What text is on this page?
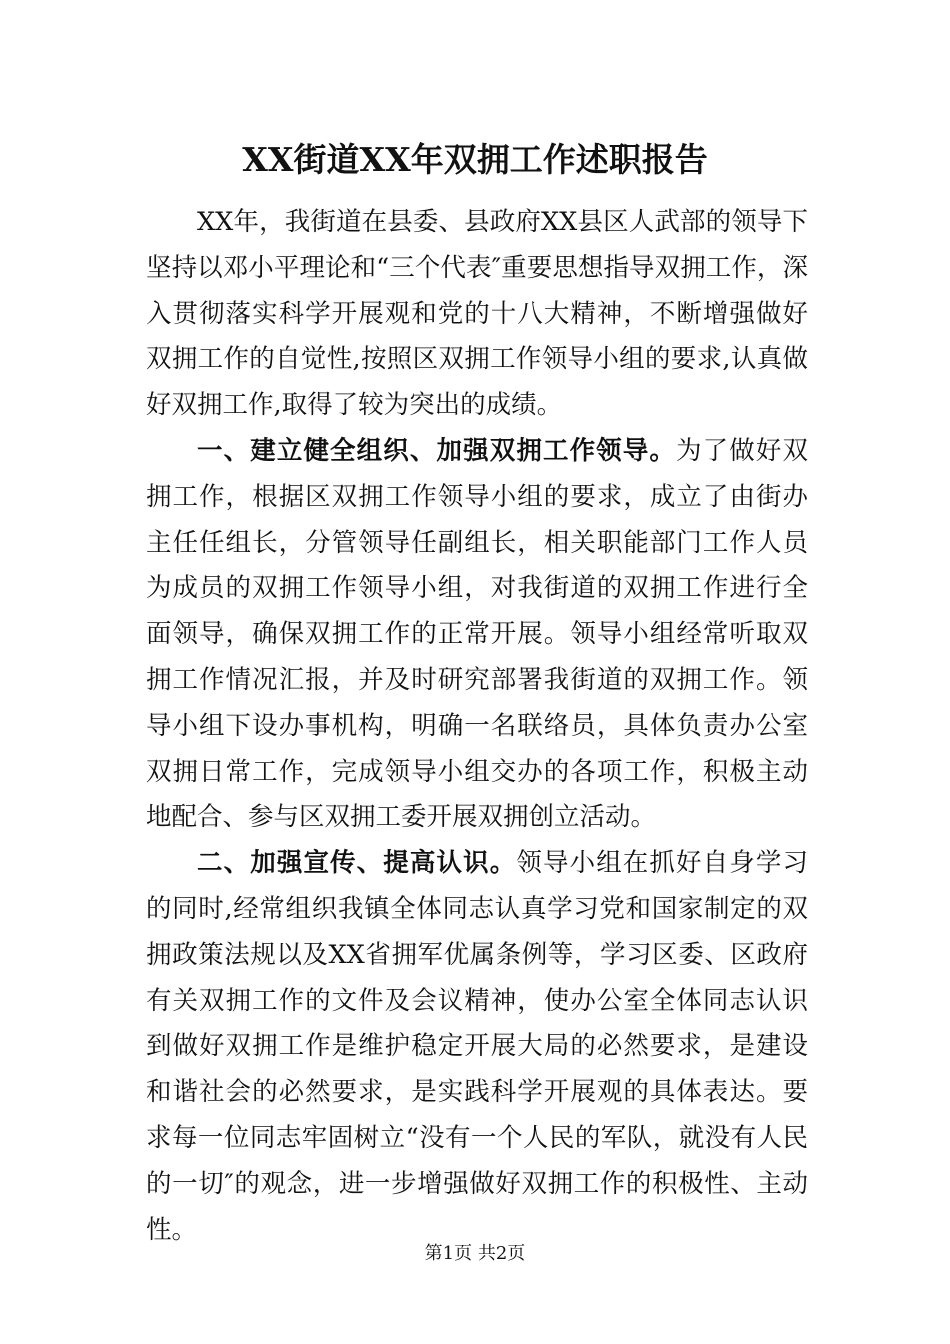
XX街道XX年双拥工作述职报告

XX年，我街道在县委、县政府XX县区人武部的领导下坚持以邓小平理论和“三个代表″重要思想指导双拥工作，深入贯彻落实科学开展观和党的十八大精神，不断增强做好双拥工作的自觉性,按照区双拥工作领导小组的要求,认真做好双拥工作,取得了较为突出的成绩。

一、建立健全组织、加强双拥工作领导。为了做好双拥工作，根据区双拥工作领导小组的要求，成立了由街办主任任组长，分管领导任副组长，相关职能部门工作人员为成员的双拥工作领导小组，对我街道的双拥工作进行全面领导，确保双拥工作的正常开展。领导小组经常听取双拥工作情况汇报，并及时研究部署我街道的双拥工作。领导小组下设办事机构，明确一名联络员，具体负责办公室双拥日常工作，完成领导小组交办的各项工作，积极主动地配合、参与区双拥工委开展双拥创立活动。

二、加强宣传、提高认识。领导小组在抓好自身学习的同时,经常组织我镇全体同志认真学习党和国家制定的双拥政策法规以及XX省拥军优属条例等，学习区委、区政府有关双拥工作的文件及会议精神，使办公室全体同志认识到做好双拥工作是维护稳定开展大局的必然要求，是建设和谐社会的必然要求，是实践科学开展观的具体表达。要求每一位同志牢固树立“没有一个人民的军队，就没有人民的一切″的观念，进一步增强做好双拥工作的积极性、主动性。

第1页 共2页
